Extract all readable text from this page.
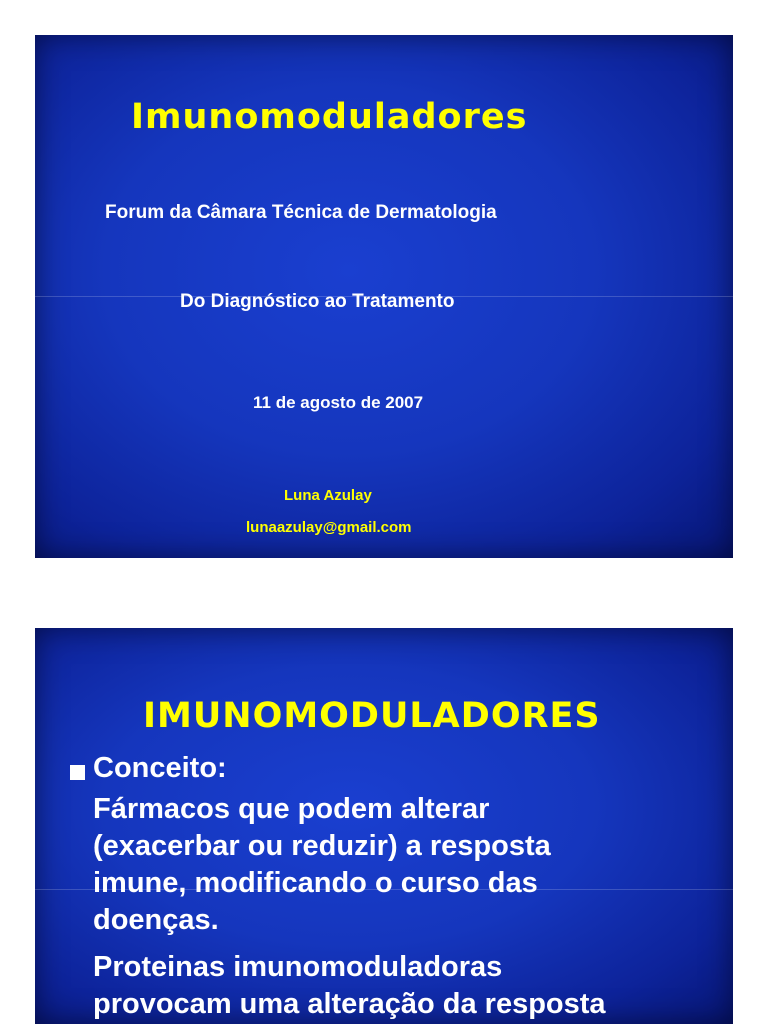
Imunomoduladores
Forum da Câmara Técnica de Dermatologia
Do Diagnóstico ao Tratamento
11 de agosto de 2007
Luna Azulay
lunaazulay@gmail.com
IMUNOMODULADORES
Conceito:
Fármacos que podem alterar
(exacerbar ou reduzir) a resposta
imune, modificando o curso das
doenças.
Proteinas imunomoduladoras
provocam uma alteração da resposta
